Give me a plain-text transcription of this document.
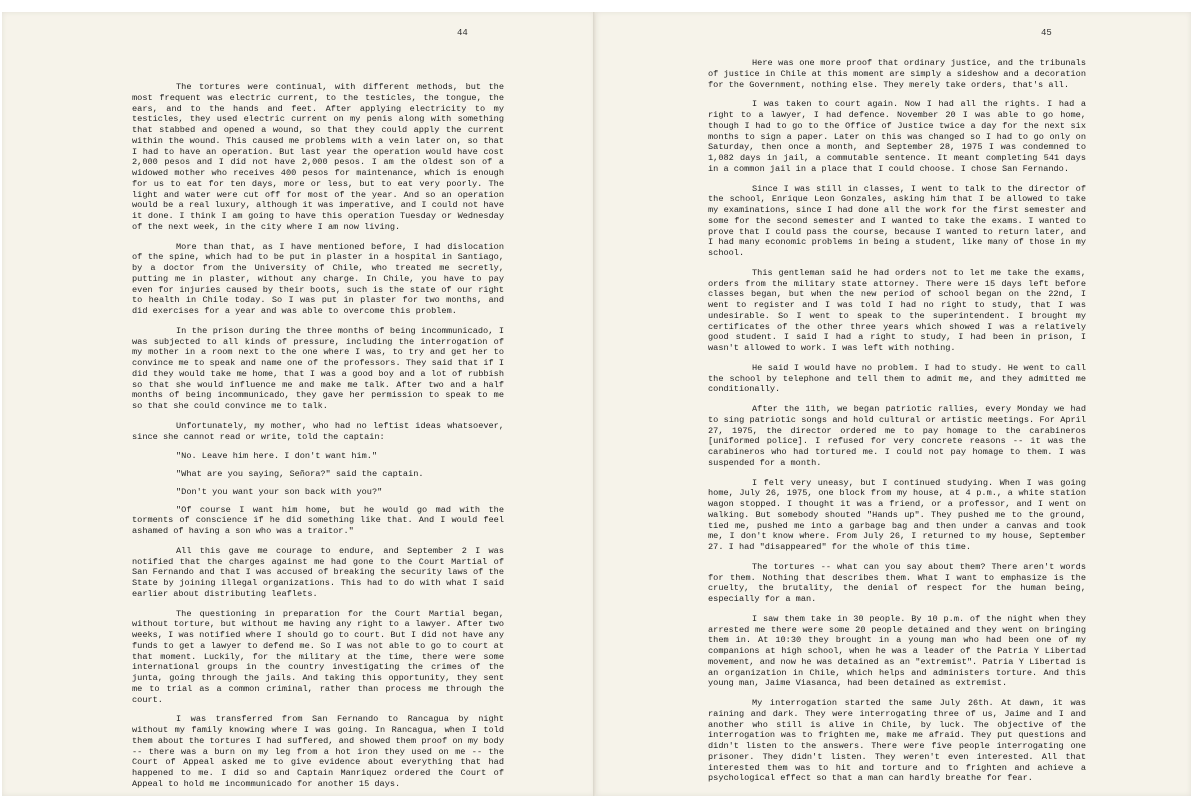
44

The tortures were continual, with different methods, but the most frequent was electric current, to the testicles, the tongue, the ears, and to the hands and feet. After applying electricity to my testicles, they used electric current on my penis along with something that stabbed and opened a wound, so that they could apply the current within the wound. This caused me problems with a vein later on, so that I had to have an operation. But last year the operation would have cost 2,000 pesos and I did not have 2,000 pesos. I am the oldest son of a widowed mother who receives 400 pesos for maintenance, which is enough for us to eat for ten days, more or less, but to eat very poorly. The light and water were cut off for most of the year. And so an operation would be a real luxury, although it was imperative, and I could not have it done. I think I am going to have this operation Tuesday or Wednesday of the next week, in the city where I am now living.

More than that, as I have mentioned before, I had dislocation of the spine, which had to be put in plaster in a hospital in Santiago, by a doctor from the University of Chile, who treated me secretly, putting me in plaster, without any charge. In Chile, you have to pay even for injuries caused by their boots, such is the state of our right to health in Chile today. So I was put in plaster for two months, and did exercises for a year and was able to overcome this problem.

In the prison during the three months of being incommunicado, I was subjected to all kinds of pressure, including the interrogation of my mother in a room next to the one where I was, to try and get her to convince me to speak and name one of the professors. They said that if I did they would take me home, that I was a good boy and a lot of rubbish so that she would influence me and make me talk. After two and a half months of being incommunicado, they gave her permission to speak to me so that she could convince me to talk.

Unfortunately, my mother, who had no leftist ideas whatsoever, since she cannot read or write, told the captain:

"No. Leave him here. I don't want him."

"What are you saying, Señora?" said the captain.

"Don't you want your son back with you?"

"Of course I want him home, but he would go mad with the torments of conscience if he did something like that. And I would feel ashamed of having a son who was a traitor."

All this gave me courage to endure, and September 2 I was notified that the charges against me had gone to the Court Martial of San Fernando and that I was accused of breaking the security laws of the State by joining illegal organizations. This had to do with what I said earlier about distributing leaflets.

The questioning in preparation for the Court Martial began, without torture, but without me having any right to a lawyer. After two weeks, I was notified where I should go to court. But I did not have any funds to get a lawyer to defend me. So I was not able to go to court at that moment. Luckily, for the military at the time, there were some international groups in the country investigating the crimes of the junta, going through the jails. And taking this opportunity, they sent me to trial as a common criminal, rather than process me through the court.

I was transferred from San Fernando to Rancagua by night without my family knowing where I was going. In Rancagua, when I told them about the tortures I had suffered, and showed them proof on my body -- there was a burn on my leg from a hot iron they used on me -- the Court of Appeal asked me to give evidence about everything that had happened to me. I did so and Captain Manriquez ordered the Court of Appeal to hold me incommunicado for another 15 days.

45

Here was one more proof that ordinary justice, and the tribunals of justice in Chile at this moment are simply a sideshow and a decoration for the Government, nothing else. They merely take orders, that's all.

I was taken to court again. Now I had all the rights. I had a right to a lawyer, I had defence. November 20 I was able to go home, though I had to go to the Office of Justice twice a day for the next six months to sign a paper. Later on this was changed so I had to go only on Saturday, then once a month, and September 28, 1975 I was condemned to 1,082 days in jail, a commutable sentence. It meant completing 541 days in a common jail in a place that I could choose. I chose San Fernando.

Since I was still in classes, I went to talk to the director of the school, Enrique Leon Gonzales, asking him that I be allowed to take my examinations, since I had done all the work for the first semester and some for the second semester and I wanted to take the exams. I wanted to prove that I could pass the course, because I wanted to return later, and I had many economic problems in being a student, like many of those in my school.

This gentleman said he had orders not to let me take the exams, orders from the military state attorney. There were 15 days left before classes began, but when the new period of school began on the 22nd, I went to register and I was told I had no right to study, that I was undesirable. So I went to speak to the superintendent. I brought my certificates of the other three years which showed I was a relatively good student. I said I had a right to study, I had been in prison, I wasn't allowed to work. I was left with nothing.

He said I would have no problem. I had to study. He went to call the school by telephone and tell them to admit me, and they admitted me conditionally.

After the 11th, we began patriotic rallies, every Monday we had to sing patriotic songs and hold cultural or artistic meetings. For April 27, 1975, the director ordered me to pay homage to the carabineros [uniformed police]. I refused for very concrete reasons -- it was the carabineros who had tortured me. I could not pay homage to them. I was suspended for a month.

I felt very uneasy, but I continued studying. When I was going home, July 26, 1975, one block from my house, at 4 p.m., a white station wagon stopped. I thought it was a friend, or a professor, and I went on walking. But somebody shouted "Hands up". They pushed me to the ground, tied me, pushed me into a garbage bag and then under a canvas and took me, I don't know where. From July 26, I returned to my house, September 27. I had "disappeared" for the whole of this time.

The tortures -- what can you say about them? There aren't words for them. Nothing that describes them. What I want to emphasize is the cruelty, the brutality, the denial of respect for the human being, especially for a man.

I saw them take in 30 people. By 10 p.m. of the night when they arrested me there were some 20 people detained and they went on bringing them in. At 10:30 they brought in a young man who had been one of my companions at high school, when he was a leader of the Patria Y Libertad movement, and now he was detained as an "extremist". Patria Y Libertad is an organization in Chile, which helps and administers torture. And this young man, Jaime Viasanca, had been detained as extremist.

My interrogation started the same July 26th. At dawn, it was raining and dark. They were interrogating three of us, Jaime and I and another who still is alive in Chile, by luck. The objective of the interrogation was to frighten me, make me afraid. They put questions and didn't listen to the answers. There were five people interrogating one prisoner. They didn't listen. They weren't even interested. All that interested them was to hit and torture and to frighten and achieve a psychological effect so that a man can hardly breathe for fear.
